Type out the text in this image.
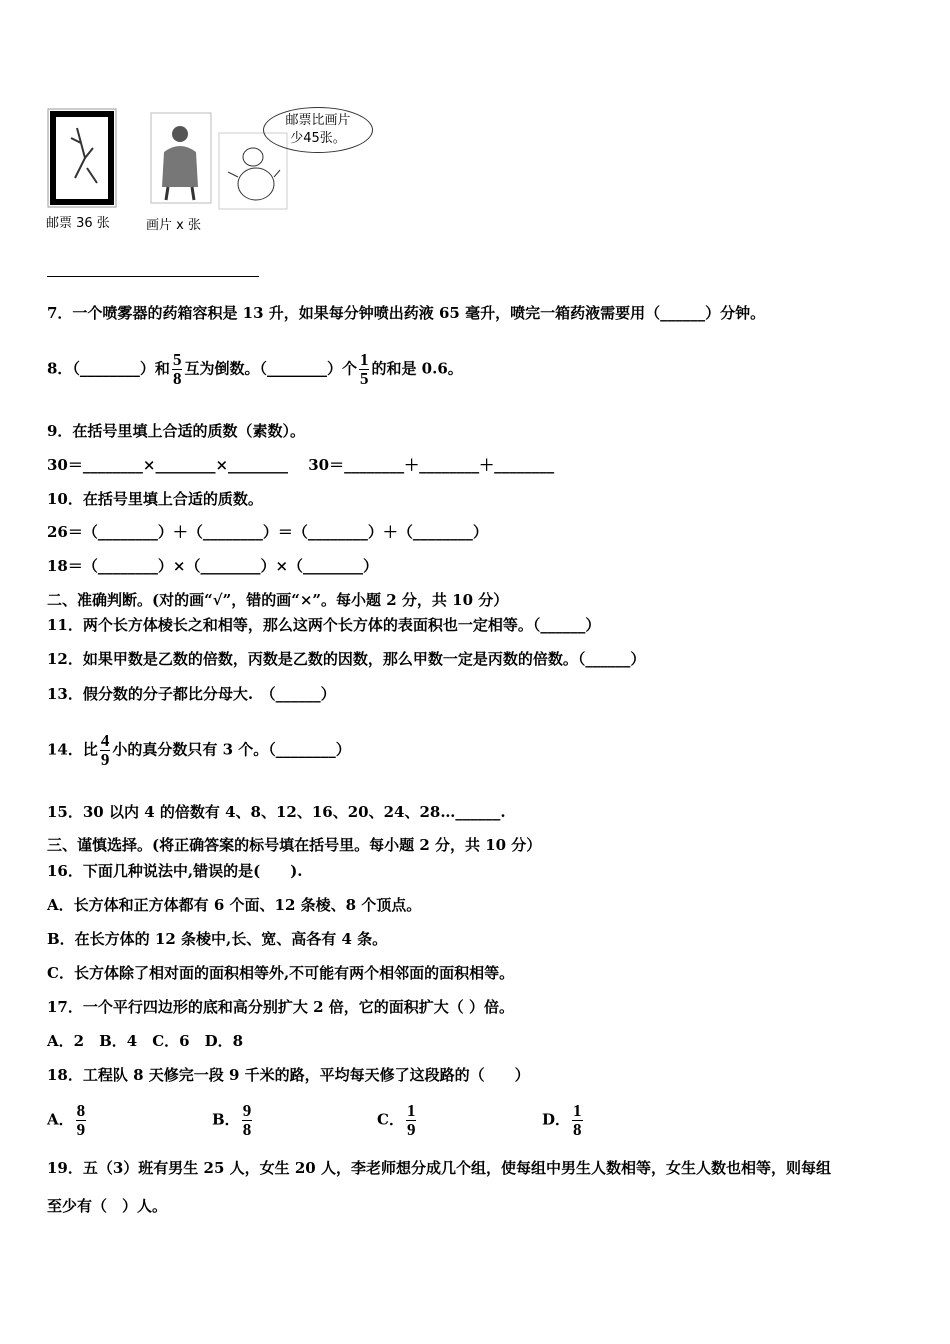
邮票比画片
少45张。
邮票 36 张	画片 x 张
7．一个喷雾器的药箱容积是 13 升，如果每分钟喷出药液 65 毫升，喷完一箱药液需要用（______）分钟。
8．（________）和 $\frac{5}{8}$ 互为倒数。（________）个 $\frac{1}{5}$ 的和是 0.6。
9．在括号里填上合适的质数（素数）。
30＝________×________×________　 30＝________＋________＋________
10．在括号里填上合适的质数。
26＝（________）＋（________）＝（________）＋（________）
18＝（________）×（________）×（________）
二、准确判断。(对的画“√”，错的画“×”。每小题 2 分，共 10 分）
11．两个长方体棱长之和相等，那么这两个长方体的表面积也一定相等。（______）
12．如果甲数是乙数的倍数，丙数是乙数的因数，那么甲数一定是丙数的倍数。（______）
13．假分数的分子都比分母大.　（______）
14．比 $\frac{4}{9}$ 小的真分数只有 3 个。（________）
15．30 以内 4 的倍数有 4、8、12、16、20、24、28…______.
三、谨慎选择。(将正确答案的标号填在括号里。每小题 2 分，共 10 分）
16．下面几种说法中,错误的是(　　).
A．长方体和正方体都有 6 个面、12 条棱、8 个顶点。
B．在长方体的 12 条棱中,长、宽、高各有 4 条。
C．长方体除了相对面的面积相等外,不可能有两个相邻面的面积相等。
17．一个平行四边形的底和高分别扩大 2 倍，它的面积扩大（ ）倍。
A．2　B．4　C．6　D．8
18．工程队 8 天修完一段 9 千米的路，平均每天修了这段路的（　　）
A． $\frac{8}{9}$	B． $\frac{9}{8}$	C． $\frac{1}{9}$	D． $\frac{1}{8}$
19．五（3）班有男生 25 人，女生 20 人，李老师想分成几个组，使每组中男生人数相等，女生人数也相等，则每组
至少有（　）人。
